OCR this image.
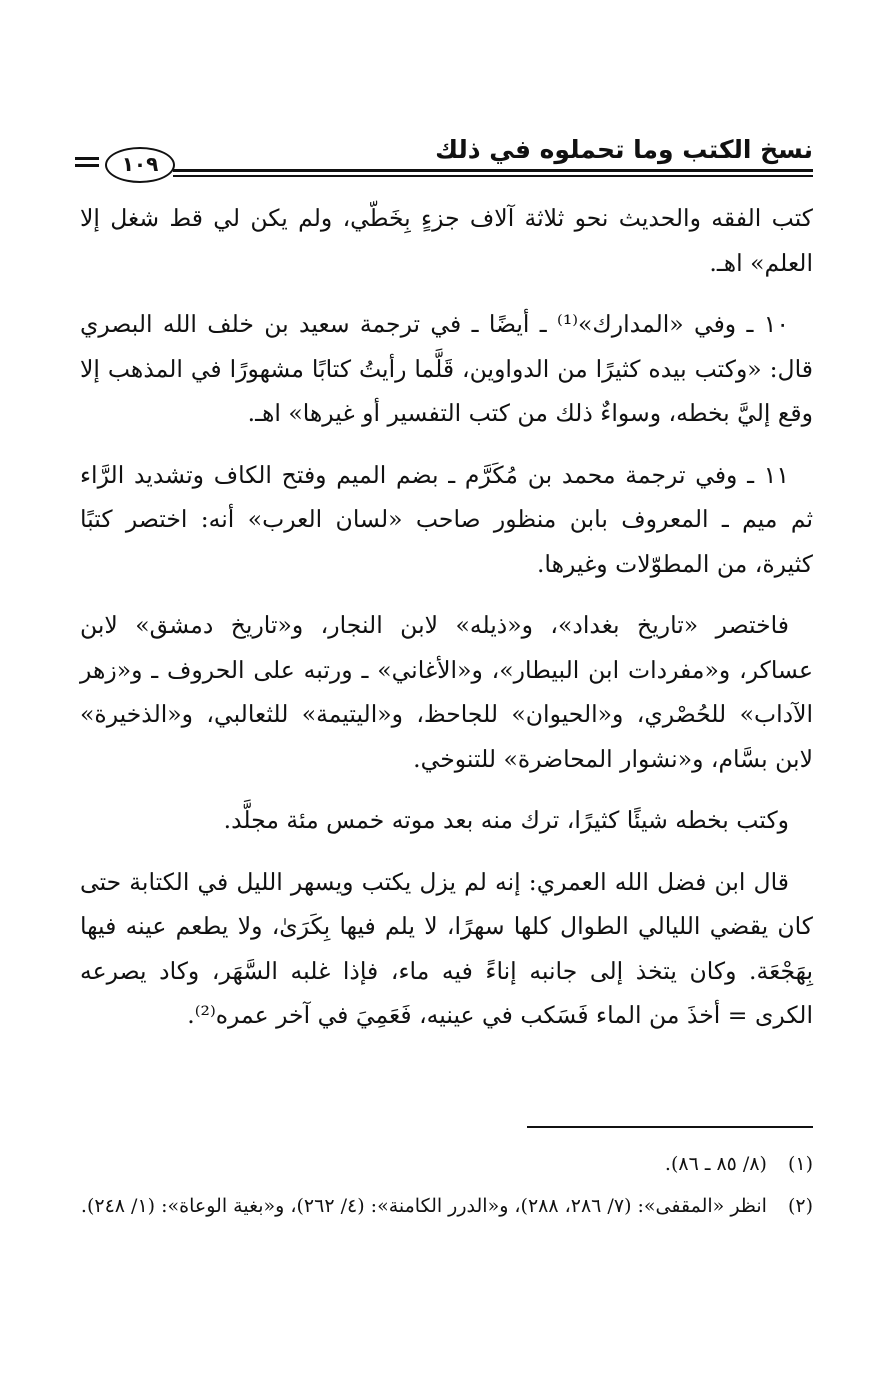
نسخ الكتب وما تحملوه في ذلك
١٠٩

كتب الفقه والحديث نحو ثلاثة آلاف جزءٍ بِخَطّي، ولم يكن لي قط شغل إلا العلم» اهـ.

١٠ ـ وفي «المدارك»⁽¹⁾ ـ أيضًا ـ في ترجمة سعيد بن خلف الله البصري قال: «وكتب بيده كثيرًا من الدواوين، قَلَّما رأيتُ كتابًا مشهورًا في المذهب إلا وقع إليَّ بخطه، وسواءٌ ذلك من كتب التفسير أو غيرها» اهـ.

١١ ـ وفي ترجمة محمد بن مُكَرَّم ـ بضم الميم وفتح الكاف وتشديد الرَّاء ثم ميم ـ المعروف بابن منظور صاحب «لسان العرب» أنه: اختصر كتبًا كثيرة، من المطوّلات وغيرها.

فاختصر «تاريخ بغداد»، و«ذيله» لابن النجار، و«تاريخ دمشق» لابن عساكر، و«مفردات ابن البيطار»، و«الأغاني» ـ ورتبه على الحروف ـ و«زهر الآداب» للحُصْري، و«الحيوان» للجاحظ، و«اليتيمة» للثعالبي، و«الذخيرة» لابن بسَّام، و«نشوار المحاضرة» للتنوخي.

وكتب بخطه شيئًا كثيرًا، ترك منه بعد موته خمس مئة مجلَّد.

قال ابن فضل الله العمري: إنه لم يزل يكتب ويسهر الليل في الكتابة حتى كان يقضي الليالي الطوال كلها سهرًا، لا يلم فيها بِكَرَىٰ، ولا يطعم عينه فيها بِهَجْعَة. وكان يتخذ إلى جانبه إناءً فيه ماء، فإذا غلبه السَّهَر، وكاد يصرعه الكرى = أخذَ من الماء فَسَكب في عينيه، فَعَمِيَ في آخر عمره⁽²⁾.

(١) (٨/ ٨٥ ـ ٨٦).
(٢) انظر «المقفى»: (٧/ ٢٨٦، ٢٨٨)، و«الدرر الكامنة»: (٤/ ٢٦٢)، و«بغية الوعاة»: (١/ ٢٤٨).
